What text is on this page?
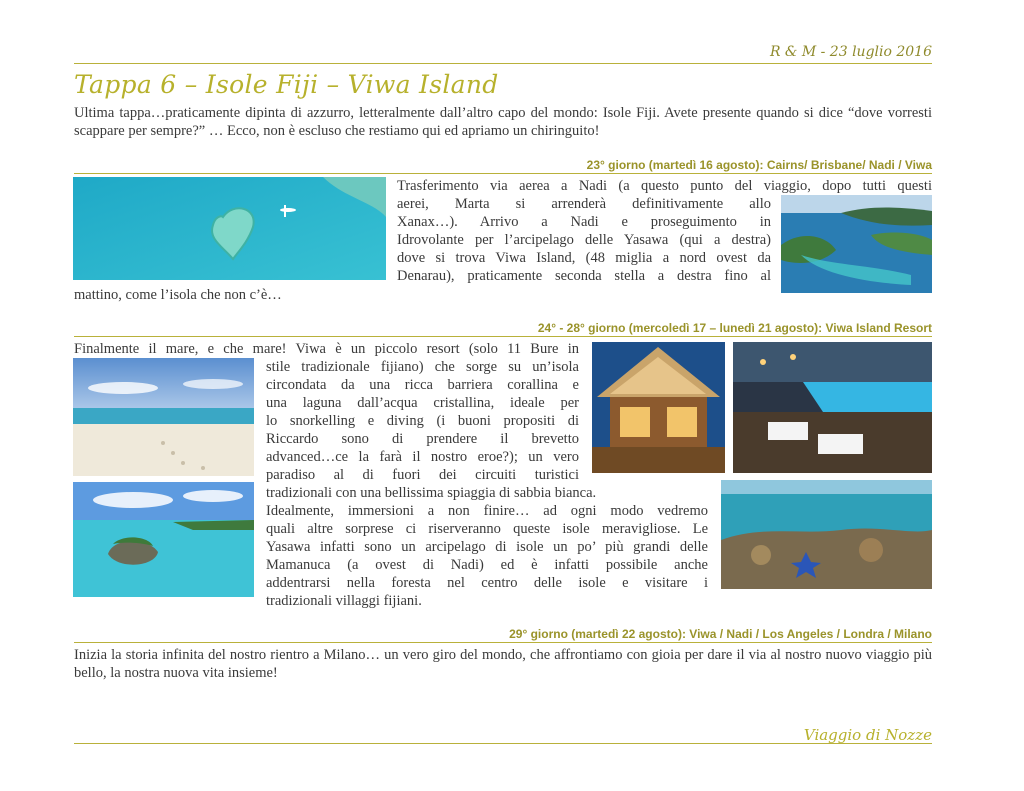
R & M - 23 luglio 2016
Tappa 6 – Isole Fiji – Viwa Island

Ultima tappa…praticamente dipinta di azzurro, letteralmente dall’altro capo del mondo: Isole Fiji. Avete presente quando si dice “dove vorresti scappare per sempre?” … Ecco, non è escluso che restiamo qui ed apriamo un chiringuito!

23° giorno (martedì 16 agosto): Cairns/ Brisbane/ Nadi / Viwa
Trasferimento via aerea a Nadi (a questo punto del viaggio, dopo tutti questi
aerei, Marta si arrenderà definitivamente allo
Xanax…). Arrivo a Nadi e proseguimento in
Idrovolante per l’arcipelago delle Yasawa (qui a destra)
dove si trova Viwa Island, (48 miglia a nord ovest da
Denarau), praticamente seconda stella a destra fino al
mattino, come l’isola che non c’è…
24° - 28° giorno (mercoledì 17 – lunedì 21 agosto): Viwa Island Resort
Finalmente il mare, e che mare! Viwa è un piccolo resort (solo 11 Bure in
stile tradizionale fijiano) che sorge su un’isola
circondata da una ricca barriera corallina e
una laguna dall’acqua cristallina, ideale per
lo snorkelling e diving (i buoni propositi di
Riccardo sono di prendere il brevetto
advanced…ce la farà il nostro eroe?); un vero
paradiso al di fuori dei circuiti turistici
tradizionali con una bellissima spiaggia di sabbia bianca.
Idealmente, immersioni a non finire… ad ogni modo vedremo
quali altre sorprese ci riserveranno queste isole meravigliose. Le
Yasawa infatti sono un arcipelago di isole un po’ più grandi delle
Mamanuca (a ovest di Nadi) ed è infatti possibile anche
addentrarsi nella foresta nel centro delle isole e visitare i
tradizionali villaggi fijiani.
29° giorno (martedì 22 agosto): Viwa / Nadi / Los Angeles / Londra / Milano

Inizia la storia infinita del nostro rientro a Milano… un vero giro del mondo, che affrontiamo con gioia per dare il via al nostro nuovo viaggio più bello, la nostra nuova vita insieme!

Viaggio di Nozze
